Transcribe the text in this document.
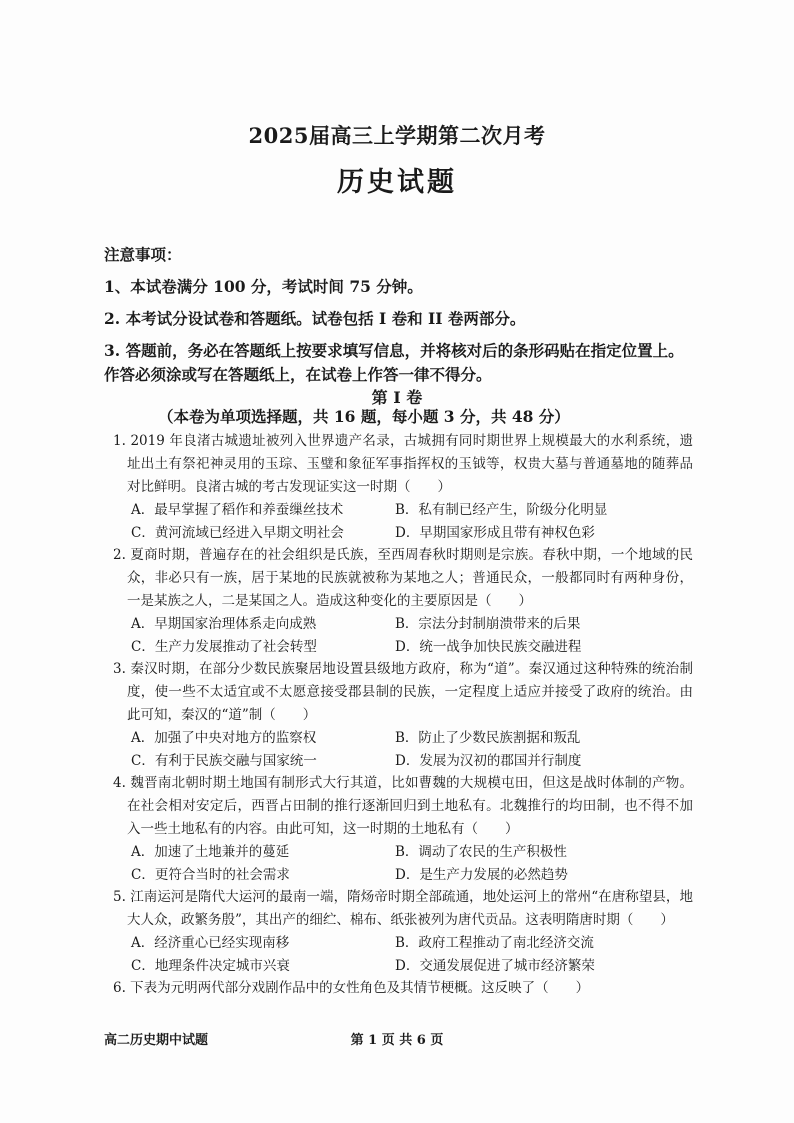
2025届高三上学期第二次月考
历史试题
注意事项：
1、本试卷满分 100 分，考试时间 75 分钟。
2. 本考试分设试卷和答题纸。试卷包括 I 卷和 II 卷两部分。
3. 答题前，务必在答题纸上按要求填写信息，并将核对后的条形码贴在指定位置上。作答必须涂或写在答题纸上，在试卷上作答一律不得分。
第 I 卷
（本卷为单项选择题，共 16 题，每小题 3 分，共 48 分）
1. 2019 年良渚古城遗址被列入世界遗产名录，古城拥有同时期世界上规模最大的水利系统，遗址出土有祭祀神灵用的玉琮、玉璧和象征军事指挥权的玉钺等，权贵大墓与普通墓地的随葬品对比鲜明。良渚古城的考古发现证实这一时期（　　）
A．最早掌握了稻作和养蚕缫丝技术	B．私有制已经产生，阶级分化明显
C．黄河流域已经进入早期文明社会	D．早期国家形成且带有神权色彩
2. 夏商时期，普遍存在的社会组织是氏族，至西周春秋时期则是宗族。春秋中期，一个地域的民众，非必只有一族，居于某地的民族就被称为某地之人；普通民众，一般都同时有两种身份，一是某族之人，二是某国之人。造成这种变化的主要原因是（　　）
A．早期国家治理体系走向成熟	B．宗法分封制崩溃带来的后果
C．生产力发展推动了社会转型	D．统一战争加快民族交融进程
3. 秦汉时期，在部分少数民族聚居地设置县级地方政府，称为“道”。秦汉通过这种特殊的统治制度，使一些不太适宜或不太愿意接受郡县制的民族，一定程度上适应并接受了政府的统治。由此可知，秦汉的“道”制（　　）
A．加强了中央对地方的监察权	B．防止了少数民族割据和叛乱
C．有利于民族交融与国家统一	D．发展为汉初的郡国并行制度
4. 魏晋南北朝时期土地国有制形式大行其道，比如曹魏的大规模屯田，但这是战时体制的产物。在社会相对安定后，西晋占田制的推行逐渐回归到土地私有。北魏推行的均田制，也不得不加入一些土地私有的内容。由此可知，这一时期的土地私有（　　）
A．加速了土地兼并的蔓延	B．调动了农民的生产积极性
C．更符合当时的社会需求	D．是生产力发展的必然趋势
5. 江南运河是隋代大运河的最南一端，隋炀帝时期全部疏通，地处运河上的常州“在唐称望县，地大人众，政繁务殷”，其出产的细纻、棉布、纸张被列为唐代贡品。这表明隋唐时期（　　）
A．经济重心已经实现南移	B．政府工程推动了南北经济交流
C．地理条件决定城市兴衰	D．交通发展促进了城市经济繁荣
6. 下表为元明两代部分戏剧作品中的女性角色及其情节梗概。这反映了（　　）
高二历史期中试题	第 1 页 共 6 页
